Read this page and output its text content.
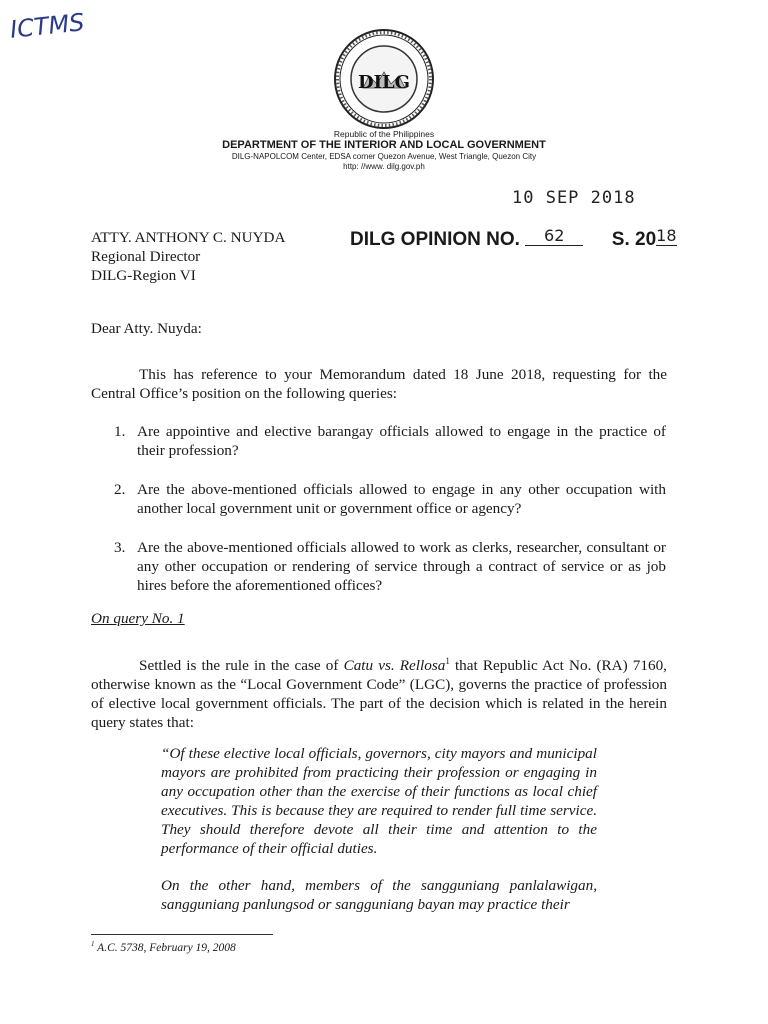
ICTMS
DILG
Republic of the Philippines
DEPARTMENT OF THE INTERIOR AND LOCAL GOVERNMENT
DILG-NAPOLCOM Center, EDSA corner Quezon Avenue, West Triangle, Quezon City
http: //www. dilg.gov.ph
10 SEP 2018
ATTY. ANTHONY C. NUYDA
Regional Director
DILG-Region VI
DILG OPINION NO. 62 S. 2018
Dear Atty. Nuyda:
This has reference to your Memorandum dated 18 June 2018, requesting for the Central Office’s position on the following queries:
1. Are appointive and elective barangay officials allowed to engage in the practice of their profession?
2. Are the above-mentioned officials allowed to engage in any other occupation with another local government unit or government office or agency?
3. Are the above-mentioned officials allowed to work as clerks, researcher, consultant or any other occupation or rendering of service through a contract of service or as job hires before the aforementioned offices?
On query No. 1
Settled is the rule in the case of Catu vs. Rellosa$^1$ that Republic Act No. (RA) 7160, otherwise known as the “Local Government Code” (LGC), governs the practice of profession of elective local government officials. The part of the decision which is related in the herein query states that:

“Of these elective local officials, governors, city mayors and municipal mayors are prohibited from practicing their profession or engaging in any occupation other than the exercise of their functions as local chief executives. This is because they are required to render full time service. They should therefore devote all their time and attention to the performance of their official duties.

On the other hand, members of the sangguniang panlalawigan, sangguniang panlungsod or sangguniang bayan may practice their

$^1$ A.C. 5738, February 19, 2008
